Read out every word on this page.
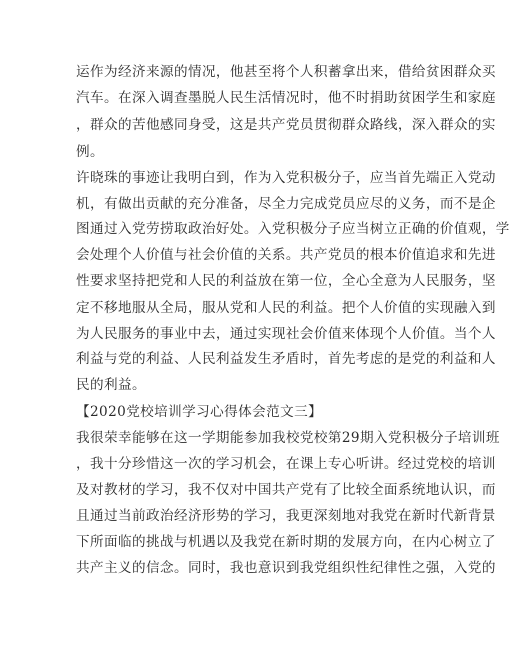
运作为经济来源的情况，他甚至将个人积蓄拿出来，借给贫困群众买
汽车。在深入调查墨脱人民生活情况时，他不时捐助贫困学生和家庭
，群众的苦他感同身受，这是共产党员贯彻群众路线，深入群众的实
例。
许晓珠的事迹让我明白到，作为入党积极分子，应当首先端正入党动
机，有做出贡献的充分准备，尽全力完成党员应尽的义务，而不是企
图通过入党劳捞取政治好处。入党积极分子应当树立正确的价值观，学
会处理个人价值与社会价值的关系。共产党员的根本价值追求和先进
性要求坚持把党和人民的利益放在第一位，全心全意为人民服务，坚
定不移地服从全局，服从党和人民的利益。把个人价值的实现融入到
为人民服务的事业中去，通过实现社会价值来体现个人价值。当个人
利益与党的利益、人民利益发生矛盾时，首先考虑的是党的利益和人
民的利益。
【2020党校培训学习心得体会范文三】
我很荣幸能够在这一学期能参加我校党校第29期入党积极分子培训班
，我十分珍惜这一次的学习机会，在课上专心听讲。经过党校的培训
及对教材的学习，我不仅对中国共产党有了比较全面系统地认识，而
且通过当前政治经济形势的学习，我更深刻地对我党在新时代新背景
下所面临的挑战与机遇以及我党在新时期的发展方向，在内心树立了
共产主义的信念。同时，我也意识到我党组织性纪律性之强，入党的
